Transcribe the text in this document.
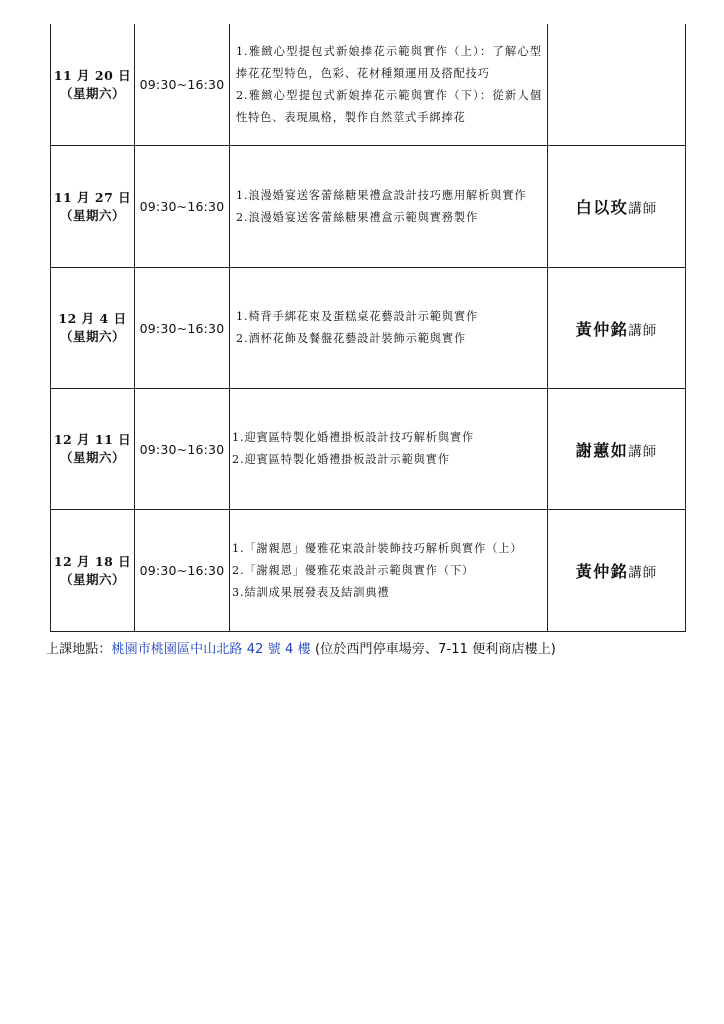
11 月 20 日
（星期六）	09:30~16:30	1.雅緻心型提包式新娘捧花示範與實作（上）：了解心型捧花花型特色，色彩、花材種類運用及搭配技巧
2.雅緻心型提包式新娘捧花示範與實作（下）：從新人個性特色、表現風格，製作自然莖式手綁捧花	

11 月 27 日
（星期六）	09:30~16:30	1.浪漫婚宴送客蕾絲糖果禮盒設計技巧應用解析與實作
2.浪漫婚宴送客蕾絲糖果禮盒示範與實務製作	白以玫講師

12 月 4 日
（星期六）	09:30~16:30	1.椅背手綁花束及蛋糕桌花藝設計示範與實作
2.酒杯花飾及餐盤花藝設計裝飾示範與實作	黃仲銘講師

12 月 11 日
（星期六）	09:30~16:30	1.迎賓區特製化婚禮掛板設計技巧解析與實作
2.迎賓區特製化婚禮掛板設計示範與實作	謝蕙如講師

12 月 18 日
（星期六）	09:30~16:30	1.「謝親恩」優雅花束設計裝飾技巧解析與實作（上）
2.「謝親恩」優雅花束設計示範與實作（下）
3.結訓成果展發表及結訓典禮	黃仲銘講師
上課地點：桃園市桃園區中山北路 42 號 4 樓 (位於西門停車場旁、7-11 便利商店樓上)
